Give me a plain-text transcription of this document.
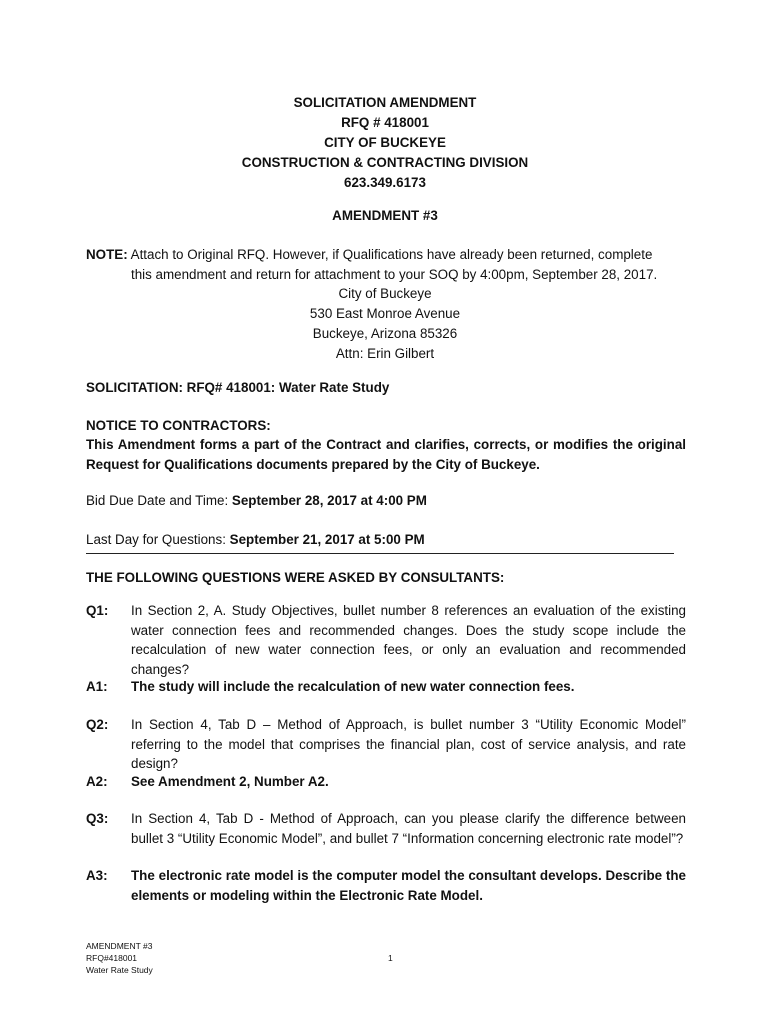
SOLICITATION AMENDMENT
RFQ # 418001
CITY OF BUCKEYE
CONSTRUCTION & CONTRACTING DIVISION
623.349.6173
AMENDMENT #3
NOTE: Attach to Original RFQ. However, if Qualifications have already been returned, complete
this amendment and return for attachment to your SOQ by 4:00pm, September 28, 2017.
City of Buckeye
530 East Monroe Avenue
Buckeye, Arizona 85326
Attn: Erin Gilbert
SOLICITATION: RFQ# 418001: Water Rate Study
NOTICE TO CONTRACTORS:
This Amendment forms a part of the Contract and clarifies, corrects, or modifies the original Request for Qualifications documents prepared by the City of Buckeye.
Bid Due Date and Time: September 28, 2017 at 4:00 PM
Last Day for Questions: September 21, 2017 at 5:00 PM
THE FOLLOWING QUESTIONS WERE ASKED BY CONSULTANTS:
Q1: In Section 2, A. Study Objectives, bullet number 8 references an evaluation of the existing water connection fees and recommended changes. Does the study scope include the recalculation of new water connection fees, or only an evaluation and recommended changes?
A1: The study will include the recalculation of new water connection fees.
Q2: In Section 4, Tab D – Method of Approach, is bullet number 3 “Utility Economic Model” referring to the model that comprises the financial plan, cost of service analysis, and rate design?
A2: See Amendment 2, Number A2.
Q3: In Section 4, Tab D - Method of Approach, can you please clarify the difference between bullet 3 “Utility Economic Model”, and bullet 7 “Information concerning electronic rate model”?
A3: The electronic rate model is the computer model the consultant develops. Describe the elements or modeling within the Electronic Rate Model.
AMENDMENT #3
RFQ#418001
Water Rate Study
1
